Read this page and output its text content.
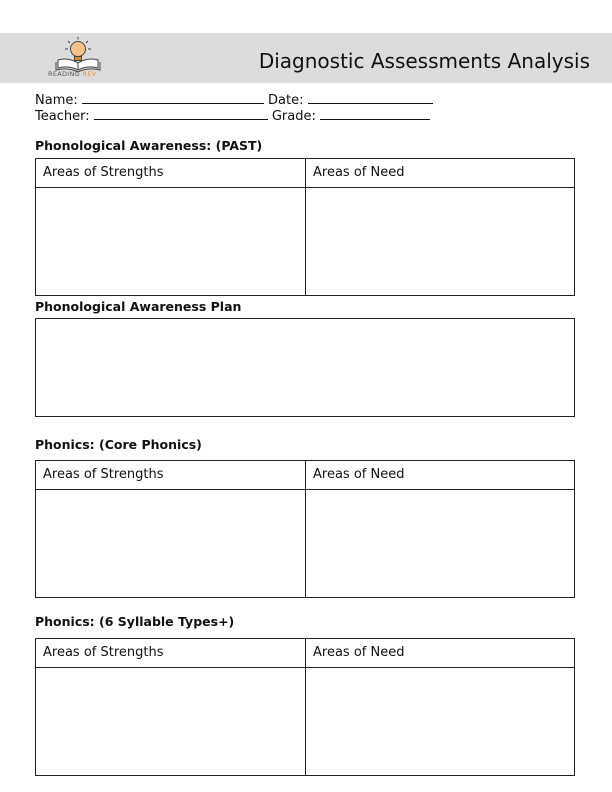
READING REV
Diagnostic Assessments Analysis
Name:	Date:
Teacher:	Grade:
Phonological Awareness: (PAST)
Areas of Strengths	Areas of Need
Phonological Awareness Plan
Phonics: (Core Phonics)
Areas of Strengths	Areas of Need
Phonics: (6 Syllable Types+)
Areas of Strengths	Areas of Need
